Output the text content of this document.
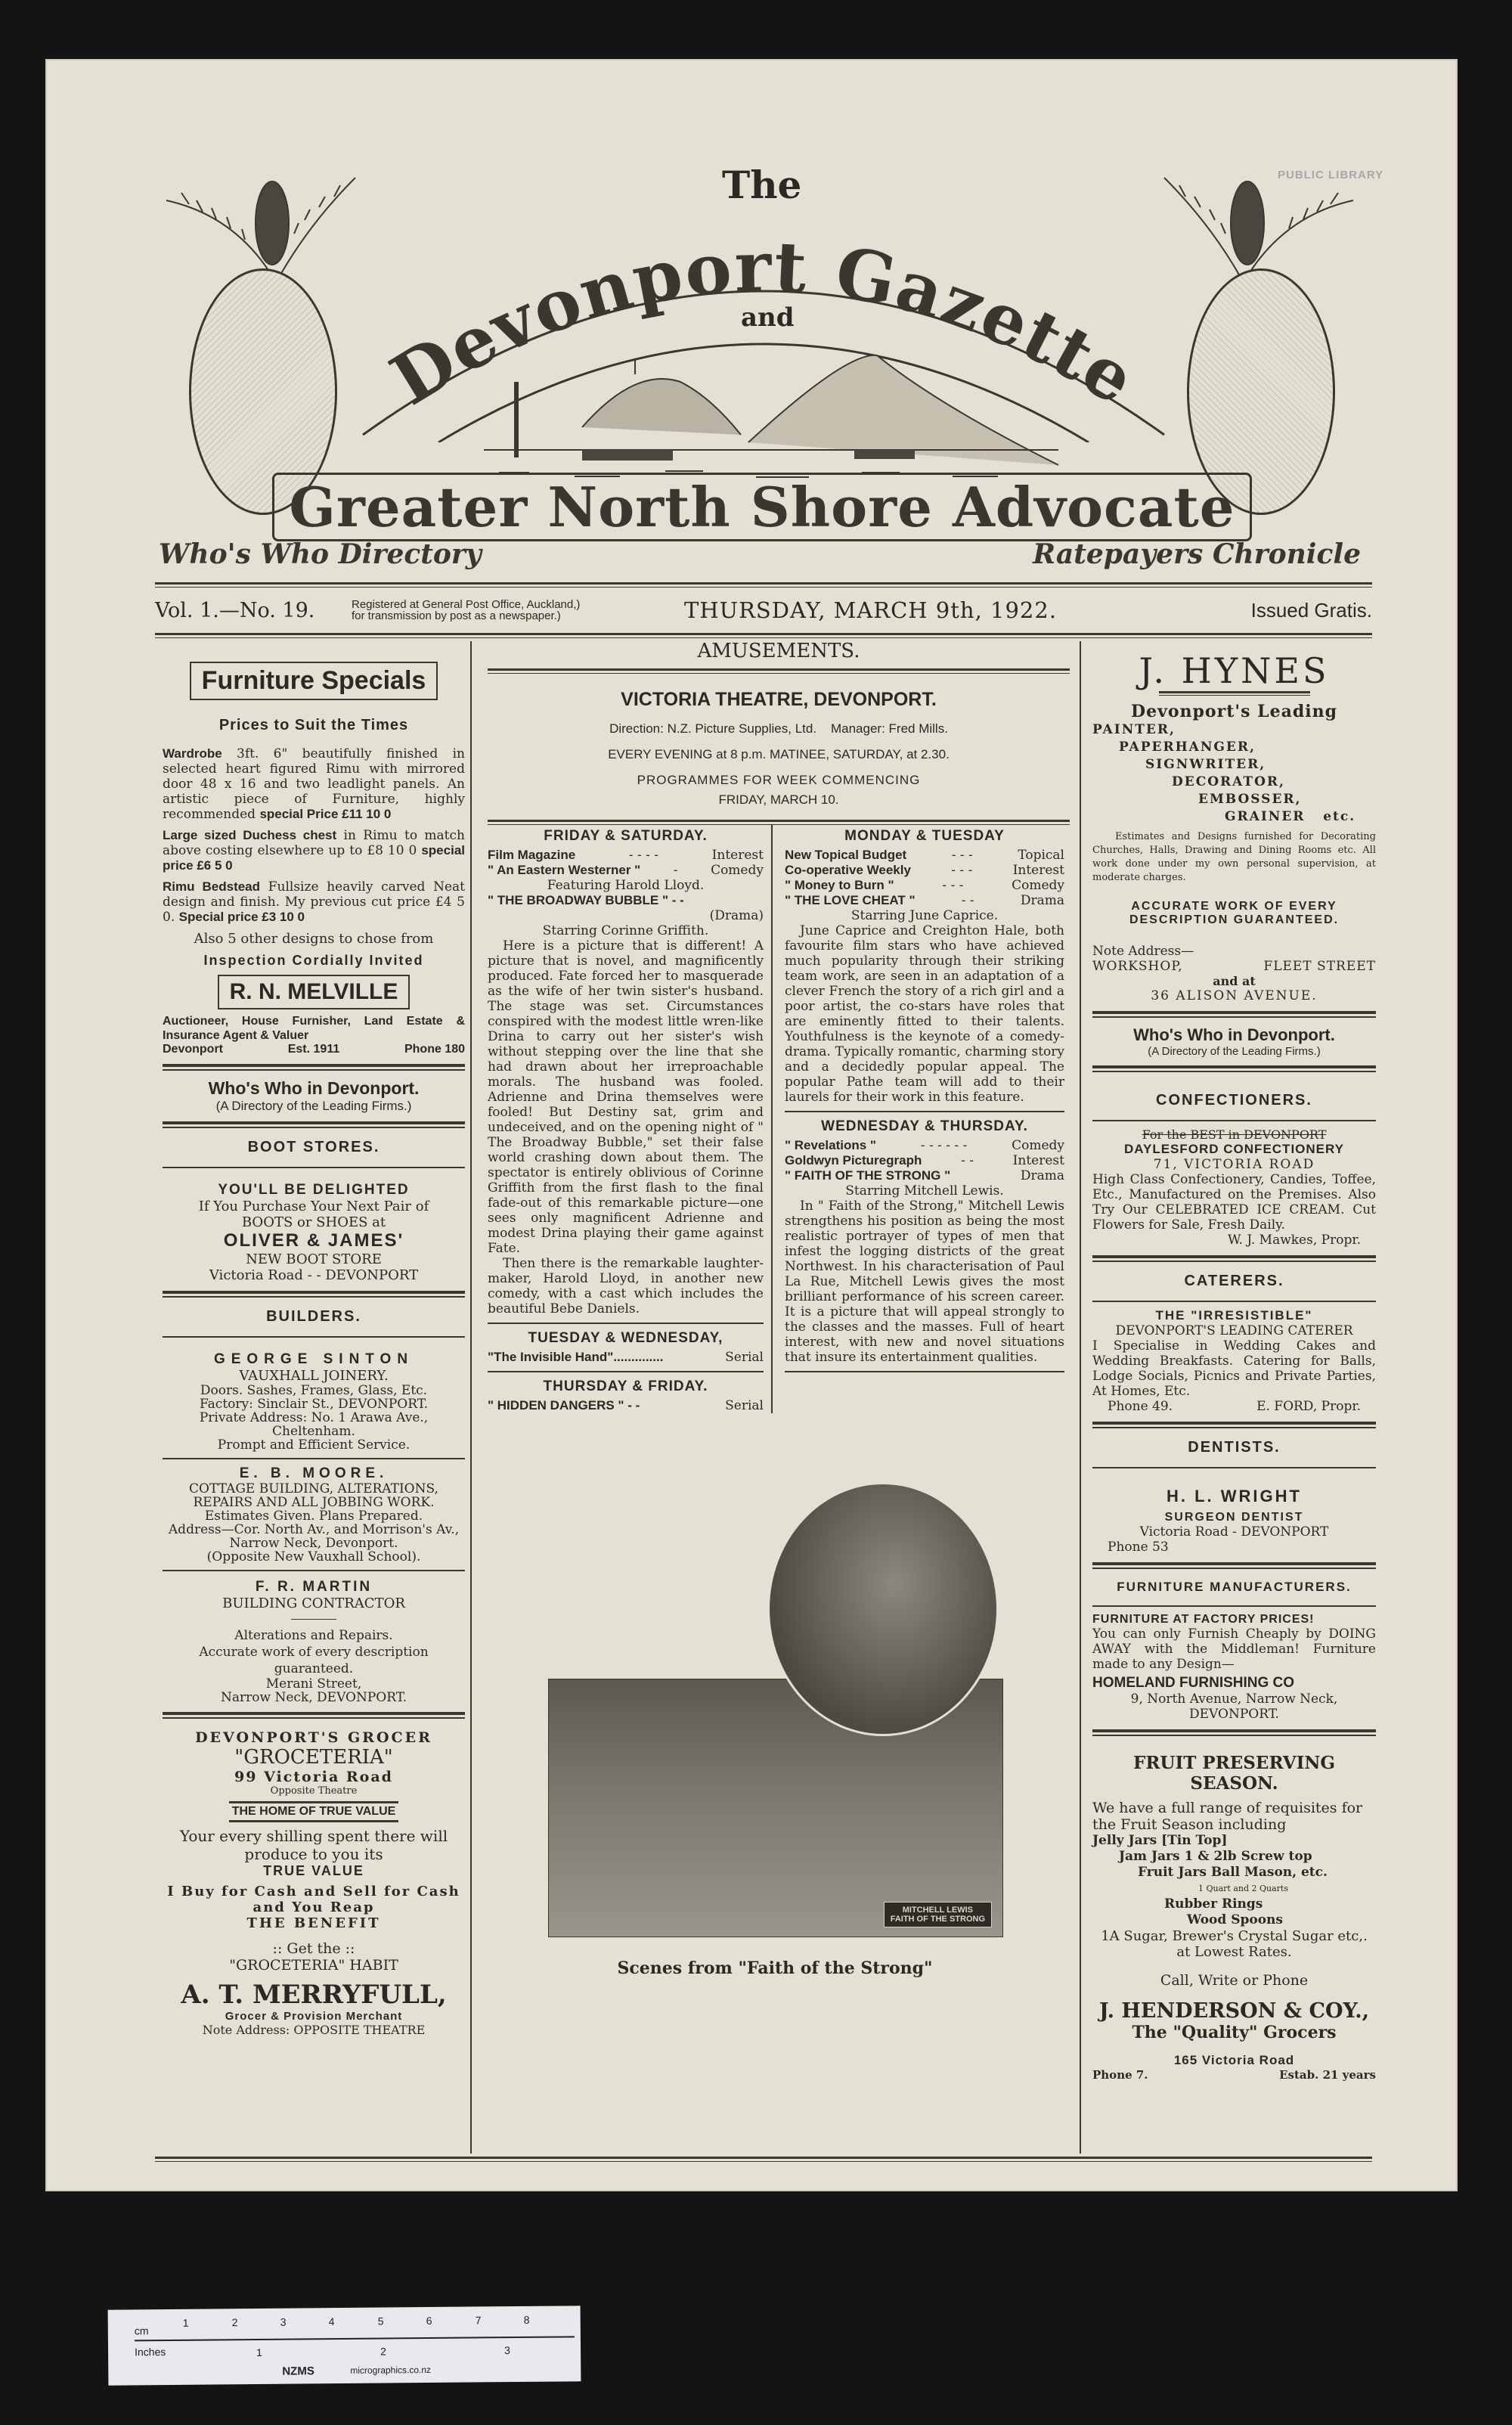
PUBLIC LIBRARY
The
Devonport Gazette
and
Greater North Shore Advocate
Who's Who Directory	Ratepayers Chronicle
Vol. 1.—No. 19.	Registered at General Post Office, Auckland,)
for transmission by post as a newspaper.)	THURSDAY, MARCH 9th, 1922.	Issued Gratis.
Furniture Specials
Prices to Suit the Times
Wardrobe 3ft. 6" beautifully finished in selected heart figured Rimu with mirrored door 48 x 16 and two leadlight panels. An artistic piece of Furniture, highly recommended special Price £11 10 0
Large sized Duchess chest in Rimu to match above costing elsewhere up to £8 10 0 special price £6 5 0
Rimu Bedstead Fullsize heavily carved Neat design and finish. My previous cut price £4 5 0. Special price £3 10 0
Also 5 other designs to chose from
Inspection Cordially Invited
R. N. MELVILLE
Auctioneer, House Furnisher, Land Estate & Insurance Agent & Valuer
Devonport	Est. 1911	Phone 180
Who's Who in Devonport.
(A Directory of the Leading Firms.)
BOOT STORES.
YOU'LL BE DELIGHTED
If You Purchase Your Next Pair of
BOOTS or SHOES at
OLIVER & JAMES'
NEW BOOT STORE
Victoria Road - - DEVONPORT
BUILDERS.
GEORGE SINTON
VAUXHALL JOINERY.
Doors. Sashes, Frames, Glass, Etc.
Factory: Sinclair St., DEVONPORT.
Private Address: No. 1 Arawa Ave., Cheltenham.
Prompt and Efficient Service.
E. B. MOORE.
COTTAGE BUILDING, ALTERATIONS, REPAIRS AND ALL JOBBING WORK.
Estimates Given. Plans Prepared.
Address—Cor. North Av., and Morrison's Av., Narrow Neck, Devonport.
(Opposite New Vauxhall School).
F. R. MARTIN
BUILDING CONTRACTOR
Alterations and Repairs.
Accurate work of every description guaranteed.
Merani Street,
Narrow Neck, DEVONPORT.
DEVONPORT'S GROCER
"GROCETERIA"
99 Victoria Road
Opposite Theatre
THE HOME OF TRUE VALUE
Your every shilling spent there will produce to you its
TRUE VALUE
I Buy for Cash and Sell for Cash and You Reap
THE BENEFIT
:: Get the ::
"GROCETERIA" HABIT
A. T. MERRYFULL,
Grocer & Provision Merchant
Note Address: OPPOSITE THEATRE
AMUSEMENTS.
VICTORIA THEATRE, DEVONPORT.
Direction: N.Z. Picture Supplies, Ltd. Manager: Fred Mills.
EVERY EVENING at 8 p.m. MATINEE, SATURDAY, at 2.30.
PROGRAMMES FOR WEEK COMMENCING
FRIDAY, MARCH 10.
FRIDAY & SATURDAY.
Film Magazine	- - - -	Interest
" An Eastern Westerner "	-	Comedy
Featuring Harold Lloyd.
" THE BROADWAY BUBBLE " - -
(Drama)
Starring Corinne Griffith.
Here is a picture that is different! A picture that is novel, and magnificently produced. Fate forced her to masquerade as the wife of her twin sister's husband. The stage was set. Circumstances conspired with the modest little wren-like Drina to carry out her sister's wish without stepping over the line that she had drawn about her irreproachable morals. The husband was fooled. Adrienne and Drina themselves were fooled! But Destiny sat, grim and undeceived, and on the opening night of " The Broadway Bubble," set their false world crashing down about them. The spectator is entirely oblivious of Corinne Griffith from the first flash to the final fade-out of this remarkable picture—one sees only magnificent Adrienne and modest Drina playing their game against Fate.
Then there is the remarkable laughter-maker, Harold Lloyd, in another new comedy, with a cast which includes the beautiful Bebe Daniels.
TUESDAY & WEDNESDAY,
"The Invisible Hand"..............	Serial
THURSDAY & FRIDAY.
" HIDDEN DANGERS " - -	Serial
MONDAY & TUESDAY
New Topical Budget	- - -	Topical
Co-operative Weekly	- - -	Interest
" Money to Burn "	- - -	Comedy
" THE LOVE CHEAT "	- -	Drama
Starring June Caprice.
June Caprice and Creighton Hale, both favourite film stars who have achieved much popularity through their striking team work, are seen in an adaptation of a clever French the story of a rich girl and a poor artist, the co-stars have roles that are eminently fitted to their talents. Youthfulness is the keynote of a comedy-drama. Typically romantic, charming story and a decidedly popular appeal. The popular Pathe team will add to their laurels for their work in this feature.
WEDNESDAY & THURSDAY.
" Revelations "	- - - - - -	Comedy
Goldwyn Picturegraph	- -	Interest
" FAITH OF THE STRONG "	Drama
Starring Mitchell Lewis.
In " Faith of the Strong," Mitchell Lewis strengthens his position as being the most realistic portrayer of types of men that infest the logging districts of the great Northwest. In his characterisation of Paul La Rue, Mitchell Lewis gives the most brilliant performance of his screen career. It is a picture that will appeal strongly to the classes and the masses. Full of heart interest, with new and novel situations that insure its entertainment qualities.
MITCHELL LEWIS
FAITH OF THE STRONG
Scenes from "Faith of the Strong"
J. HYNES
Devonport's Leading
PAINTER,
PAPERHANGER,
SIGNWRITER,
DECORATOR,
EMBOSSER,
GRAINER etc.
Estimates and Designs furnished for Decorating Churches, Halls, Drawing and Dining Rooms etc. All work done under my own personal supervision, at moderate charges.
ACCURATE WORK OF EVERY DESCRIPTION GUARANTEED.
Note Address—
WORKSHOP,	FLEET STREET
and at
36 ALISON AVENUE.
Who's Who in Devonport.
(A Directory of the Leading Firms.)
CONFECTIONERS.
For the BEST in DEVONPORT
DAYLESFORD CONFECTIONERY
71, VICTORIA ROAD
High Class Confectionery, Candies, Toffee, Etc., Manufactured on the Premises. Also Try Our CELEBRATED ICE CREAM. Cut Flowers for Sale, Fresh Daily.
W. J. Mawkes, Propr.
CATERERS.
THE "IRRESISTIBLE"
DEVONPORT'S LEADING CATERER
I Specialise in Wedding Cakes and Wedding Breakfasts. Catering for Balls, Lodge Socials, Picnics and Private Parties, At Homes, Etc.
Phone 49.	E. FORD, Propr.
DENTISTS.
H. L. WRIGHT
SURGEON DENTIST
Victoria Road - DEVONPORT
Phone 53
FURNITURE MANUFACTURERS.
FURNITURE AT FACTORY PRICES!
You can only Furnish Cheaply by DOING AWAY with the Middleman! Furniture made to any Design—
HOMELAND FURNISHING CO
9, North Avenue, Narrow Neck,
DEVONPORT.
FRUIT PRESERVING SEASON.
We have a full range of requisites for the Fruit Season including
Jelly Jars [Tin Top]
Jam Jars 1 & 2lb Screw top
Fruit Jars Ball Mason, etc.
1 Quart and 2 Quarts
Rubber Rings
Wood Spoons
1A Sugar, Brewer's Crystal Sugar etc,. at Lowest Rates.
Call, Write or Phone
J. HENDERSON & COY.,
The "Quality" Grocers
165 Victoria Road
Phone 7.	Estab. 21 years
cm
Inches
1	2	3	4	5	6	7	8
1	2	3
NZMS	micrographics.co.nz
